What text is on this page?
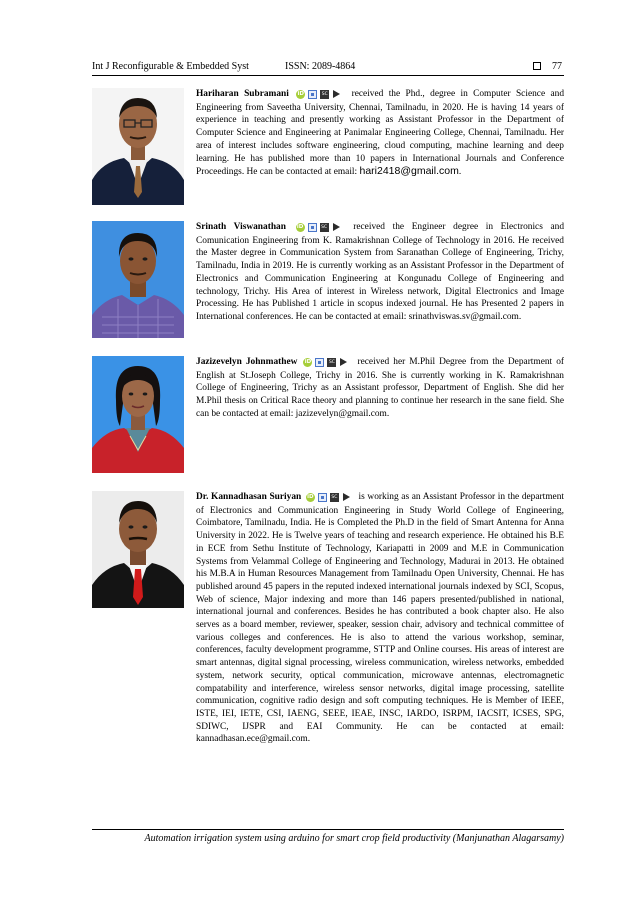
Int J Reconfigurable & Embedded Syst	ISSN: 2089-4864	77
Hariharan Subramani iD	SC	received the Phd., degree in Computer Science and Engineering from Saveetha University, Chennai, Tamilnadu, in 2020. He is having 14 years of experience in teaching and presently working as Assistant Professor in the Department of Computer Science and Engineering at Panimalar Engineering College, Chennai, Tamilnadu. Her area of interest includes software engineering, cloud computing, machine learning and deep learning. He has published more than 10 papers in International Journals and Conference Proceedings. He can be contacted at email: hari2418@gmail.com.
Srinath Viswanathan iD	SC	received the Engineer degree in Electronics and Comunication Engineering from K. Ramakrishnan College of Technology in 2016. He received the Master degree in Communication System from Saranathan College of Engineering, Trichy, Tamilnadu, India in 2019. He is currently working as an Assistant Professor in the Department of Electronics and Communication Engineering at Kongunadu College of Engineering and technology, Trichy. His Area of interest in Wireless network, Digital Electronics and Image Processing. He has Published 1 article in scopus indexed journal. He has Presented 2 papers in International conferences. He can be contacted at email: srinathviswas.sv@gmail.com.
Jazizevelyn Johnmathew iD	SC received her M.Phil Degree from the Department of English at St.Joseph College, Trichy in 2016. She is currently working in K. Ramakrishnan College of Engineering, Trichy as an Assistant professor, Department of English. She did her M.Phil thesis on Critical Race theory and planning to continue her research in the sane field. She can be contacted at email: jazizevelyn@gmail.com.
Dr. Kannadhasan Suriyan iD	SC is working as an Assistant Professor in the department of Electronics and Communication Engineering in Study World College of Engineering, Coimbatore, Tamilnadu, India. He is Completed the Ph.D in the field of Smart Antenna for Anna University in 2022. He is Twelve years of teaching and research experience. He obtained his B.E in ECE from Sethu Institute of Technology, Kariapatti in 2009 and M.E in Communication Systems from Velammal College of Engineering and Technology, Madurai in 2013. He obtained his M.B.A in Human Resources Management from Tamilnadu Open University, Chennai. He has published around 45 papers in the reputed indexed international journals indexed by SCI, Scopus, Web of science, Major indexing and more than 146 papers presented/published in national, international journal and conferences. Besides he has contributed a book chapter also. He also serves as a board member, reviewer, speaker, session chair, advisory and technical committee of various colleges and conferences. He is also to attend the various workshop, seminar, conferences, faculty development programme, STTP and Online courses. His areas of interest are smart antennas, digital signal processing, wireless communication, wireless networks, embedded system, network security, optical communication, microwave antennas, electromagnetic compatability and interference, wireless sensor networks, digital image processing, satellite communication, cognitive radio design and soft computing techniques. He is Member of IEEE, ISTE, IEI, IETE, CSI, IAENG, SEEE, IEAE, INSC, IARDO, ISRPM, IACSIT, ICSES, SPG, SDIWC, IJSPR and EAI Community. He can be contacted at email: kannadhasan.ece@gmail.com.
Automation irrigation system using arduino for smart crop field productivity (Manjunathan Alagarsamy)
